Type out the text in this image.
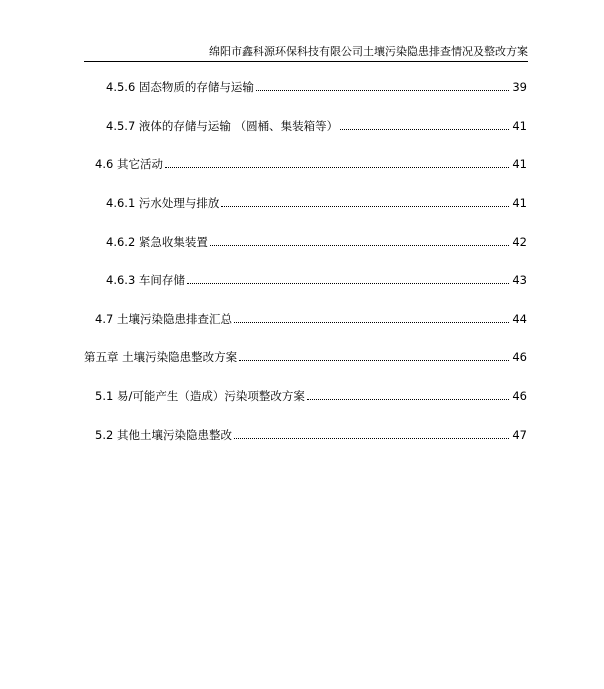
绵阳市鑫科源环保科技有限公司土壤污染隐患排查情况及整改方案
4.5.6 固态物质的存储与运输	39
4.5.7 液体的存储与运输 （圆桶、集装箱等）	41
4.6 其它活动	41
4.6.1 污水处理与排放	41
4.6.2 紧急收集装置	42
4.6.3 车间存储	43
4.7 土壤污染隐患排查汇总	44
第五章 土壤污染隐患整改方案	46
5.1 易/可能产生（造成）污染项整改方案	46
5.2 其他土壤污染隐患整改	47
